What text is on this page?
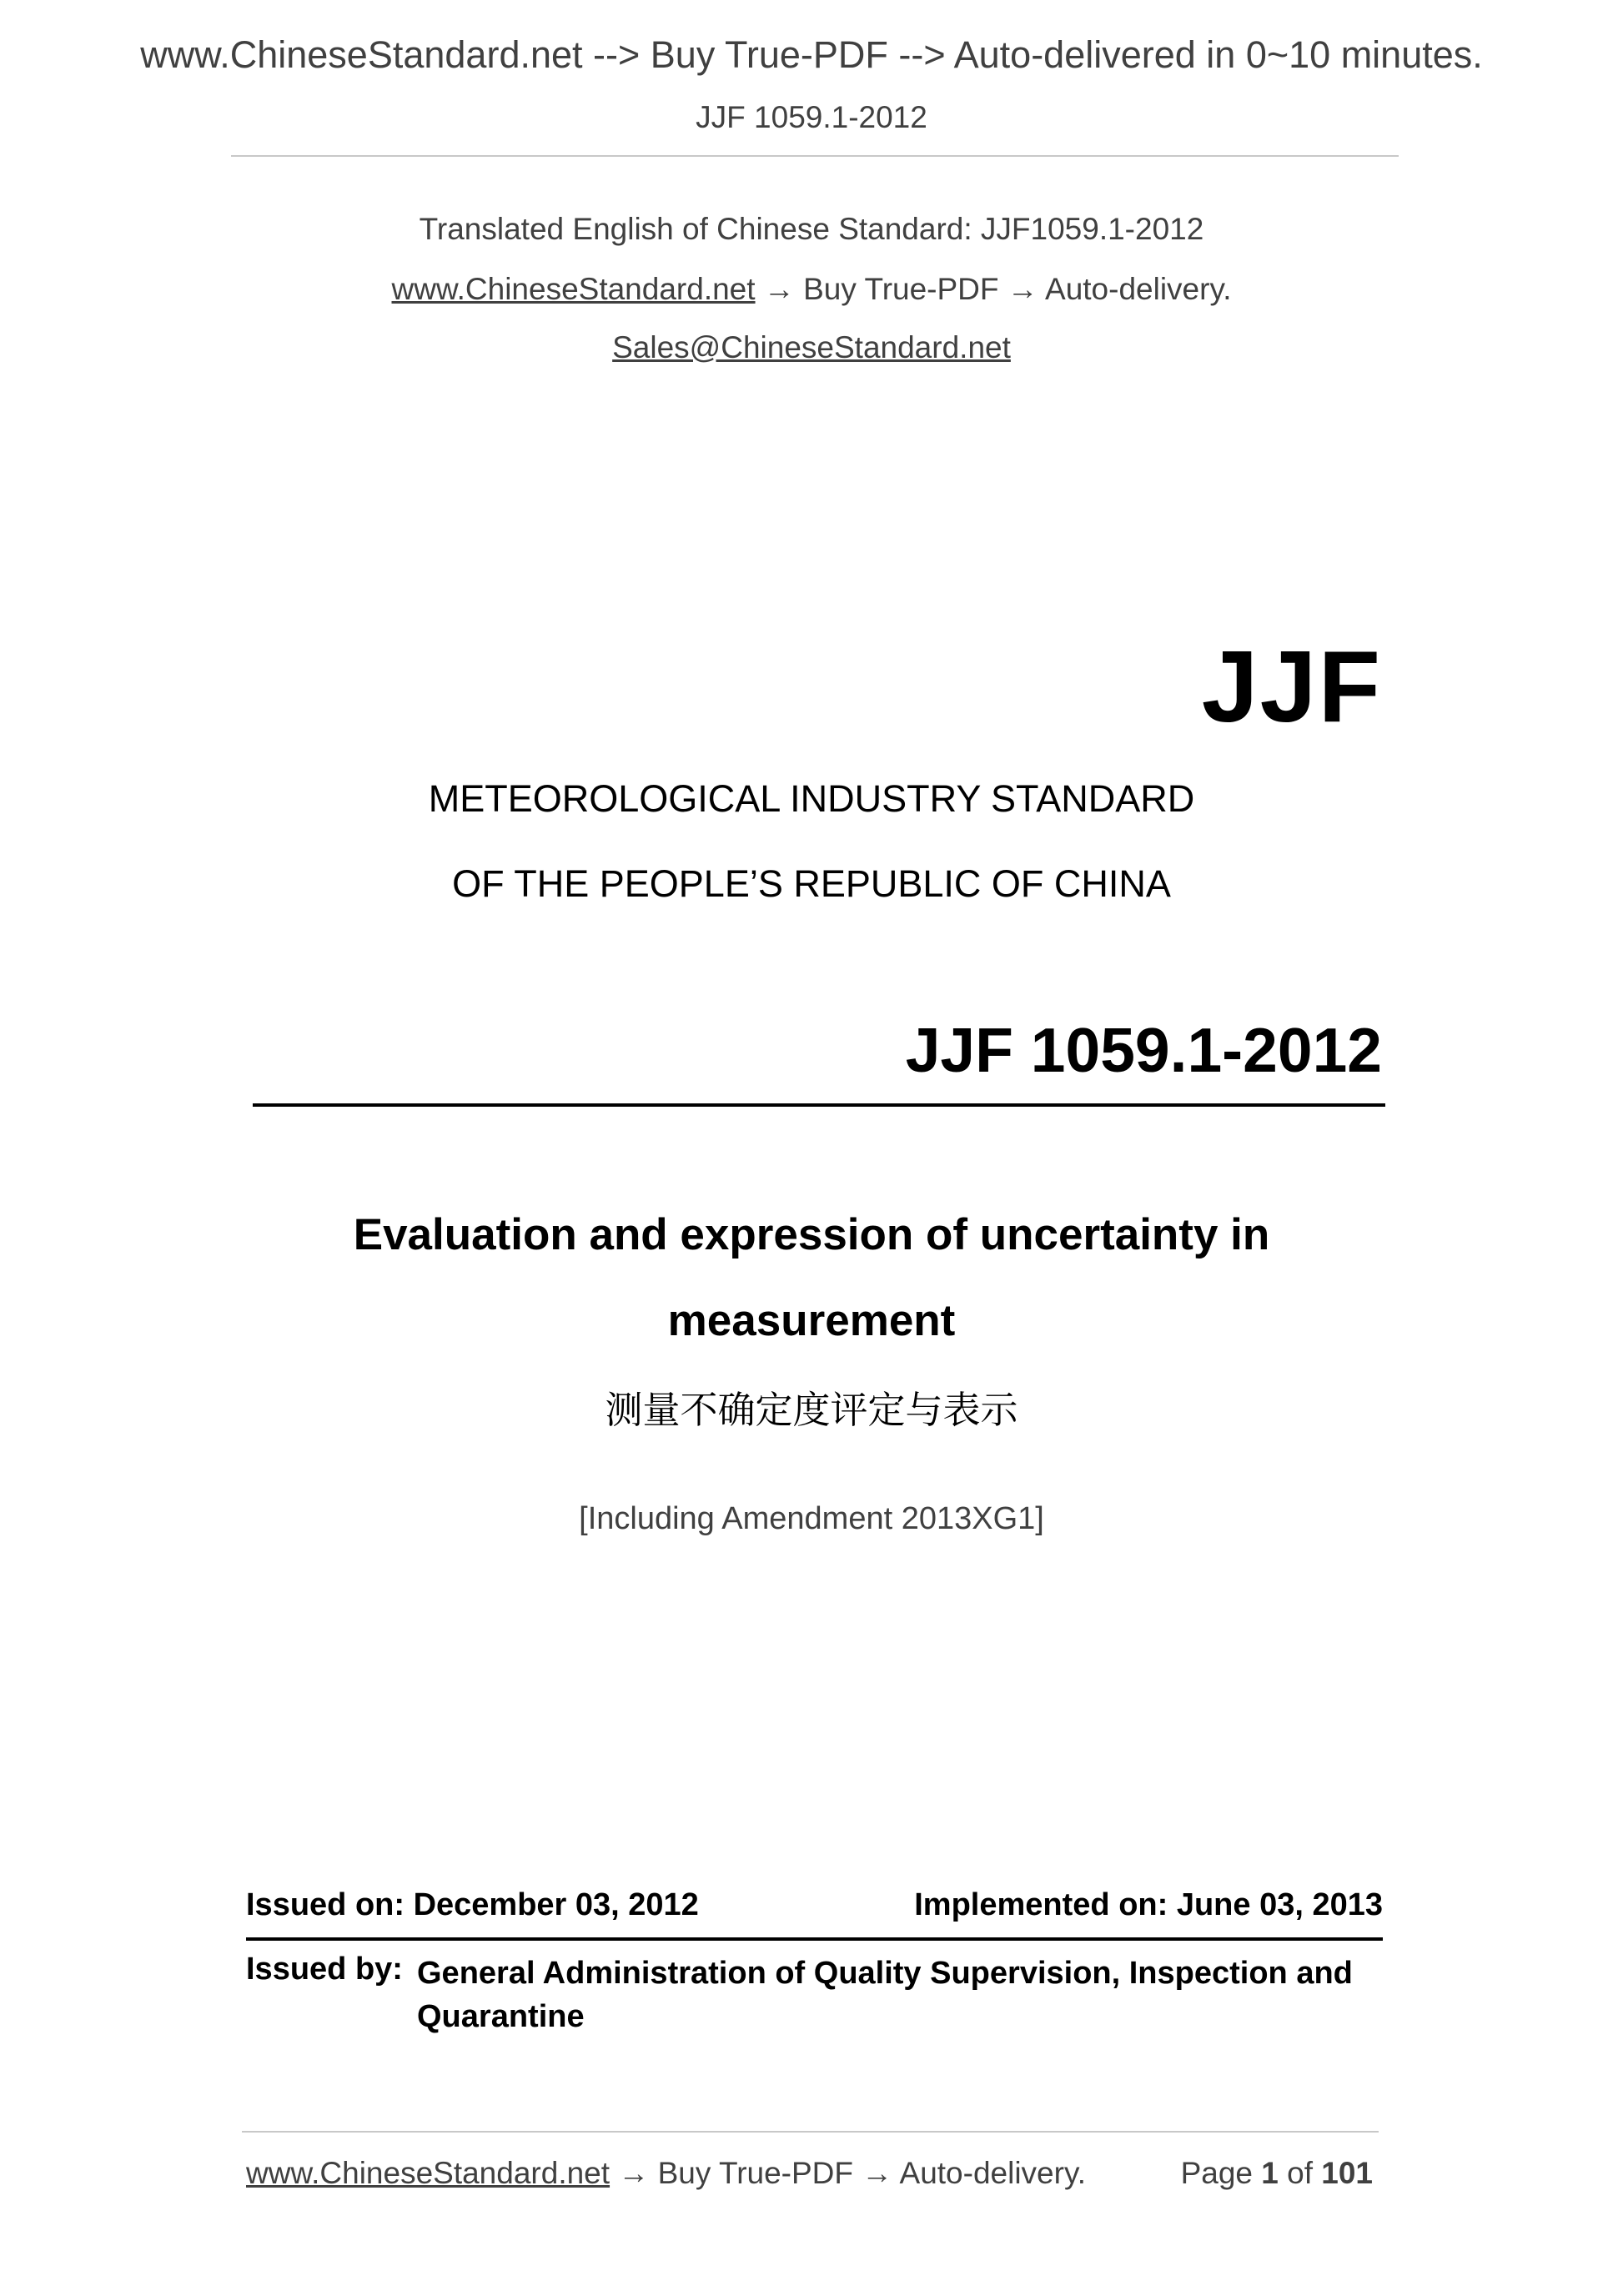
www.ChineseStandard.net --> Buy True-PDF --> Auto-delivered in 0~10 minutes.
JJF 1059.1-2012
Translated English of Chinese Standard: JJF1059.1-2012
www.ChineseStandard.net → Buy True-PDF → Auto-delivery.
Sales@ChineseStandard.net
JJF
METEOROLOGICAL INDUSTRY STANDARD
OF THE PEOPLE’S REPUBLIC OF CHINA
JJF 1059.1-2012
Evaluation and expression of uncertainty in
measurement
测量不确定度评定与表示
[Including Amendment 2013XG1]
Issued on: December 03, 2012	Implemented on: June 03, 2013
Issued by: General Administration of Quality Supervision, Inspection and Quarantine
www.ChineseStandard.net → Buy True-PDF → Auto-delivery.	Page 1 of 101
